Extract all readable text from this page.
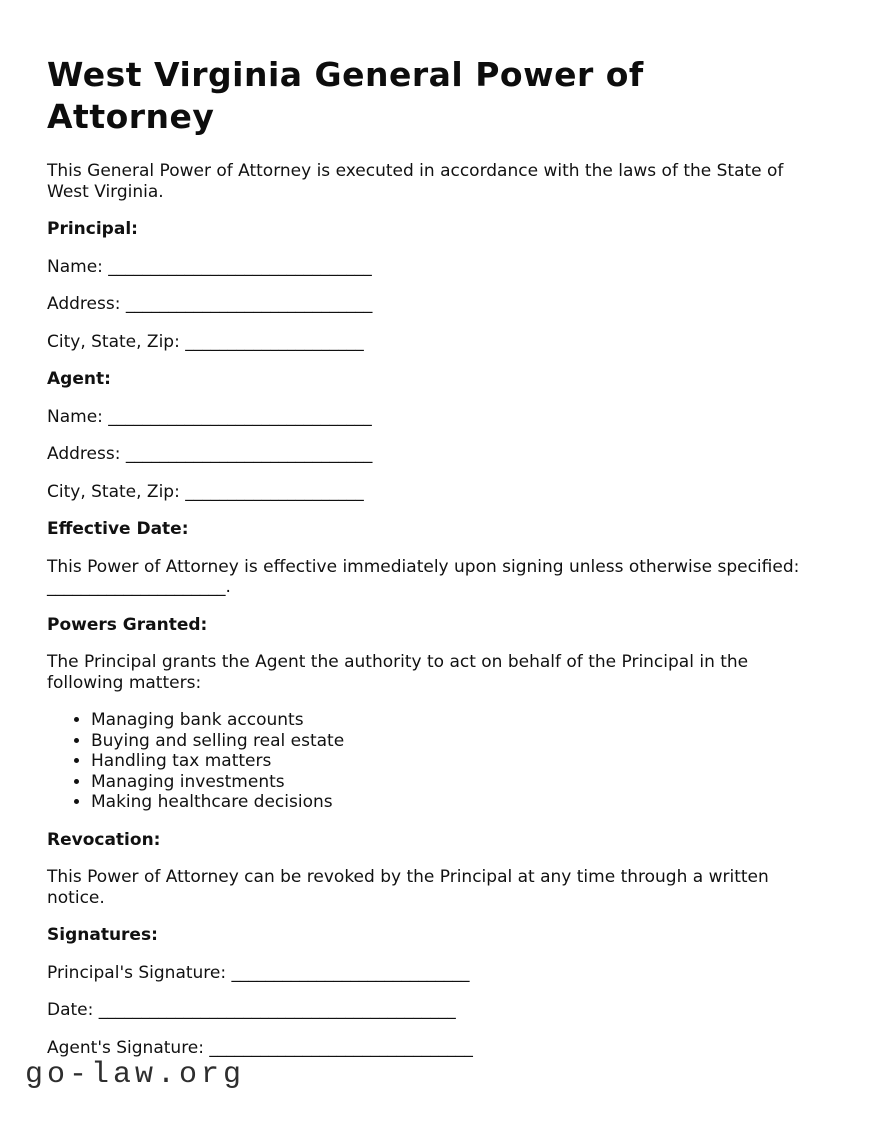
West Virginia General Power of Attorney

This General Power of Attorney is executed in accordance with the laws of the State of West Virginia.

Principal:

Name: _______________________________

Address: _____________________________

City, State, Zip: _____________________

Agent:

Name: _______________________________

Address: _____________________________

City, State, Zip: _____________________

Effective Date:

This Power of Attorney is effective immediately upon signing unless otherwise specified: _____________________.

Powers Granted:

The Principal grants the Agent the authority to act on behalf of the Principal in the following matters:

• Managing bank accounts
• Buying and selling real estate
• Handling tax matters
• Managing investments
• Making healthcare decisions

Revocation:

This Power of Attorney can be revoked by the Principal at any time through a written notice.

Signatures:

Principal's Signature: ____________________________

Date: __________________________________________

Agent's Signature: _______________________________

go-law.org
